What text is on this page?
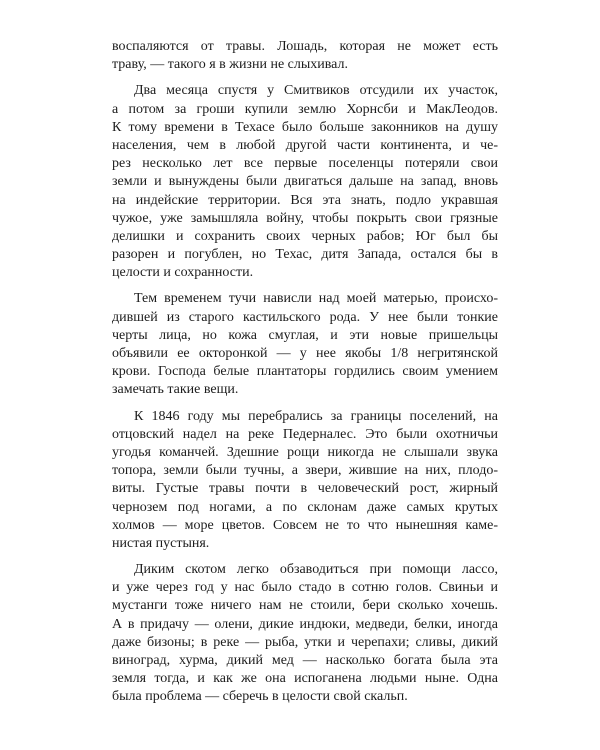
воспаляются от травы. Лошадь, которая не может есть
траву, — такого я в жизни не слыхивал.
Два месяца спустя у Смитвиков отсудили их участок,
а потом за гроши купили землю Хорнсби и МакЛеодов.
К тому времени в Техасе было больше законников на душу
населения, чем в любой другой части континента, и че-
рез несколько лет все первые поселенцы потеряли свои
земли и вынуждены были двигаться дальше на запад, вновь
на индейские территории. Вся эта знать, подло укравшая
чужое, уже замышляла войну, чтобы покрыть свои грязные
делишки и сохранить своих черных рабов; Юг был бы
разорен и погублен, но Техас, дитя Запада, остался бы в
целости и сохранности.
Тем временем тучи нависли над моей матерью, происхо-
дившей из старого кастильского рода. У нее были тонкие
черты лица, но кожа смуглая, и эти новые пришельцы
объявили ее окторонкой — у нее якобы 1/8 негритянской
крови. Господа белые плантаторы гордились своим умением
замечать такие вещи.
К 1846 году мы перебрались за границы поселений, на
отцовский надел на реке Педерналес. Это были охотничьи
угодья команчей. Здешние рощи никогда не слышали звука
топора, земли были тучны, а звери, жившие на них, плодо-
виты. Густые травы почти в человеческий рост, жирный
чернозем под ногами, а по склонам даже самых крутых
холмов — море цветов. Совсем не то что нынешняя каме-
нистая пустыня.
Диким скотом легко обзаводиться при помощи лассо,
и уже через год у нас было стадо в сотню голов. Свиньи и
мустанги тоже ничего нам не стоили, бери сколько хочешь.
А в придачу — олени, дикие индюки, медведи, белки, иногда
даже бизоны; в реке — рыба, утки и черепахи; сливы, дикий
виноград, хурма, дикий мед — насколько богата была эта
земля тогда, и как же она испоганена людьми ныне. Одна
была проблема — сберечь в целости свой скальп.
